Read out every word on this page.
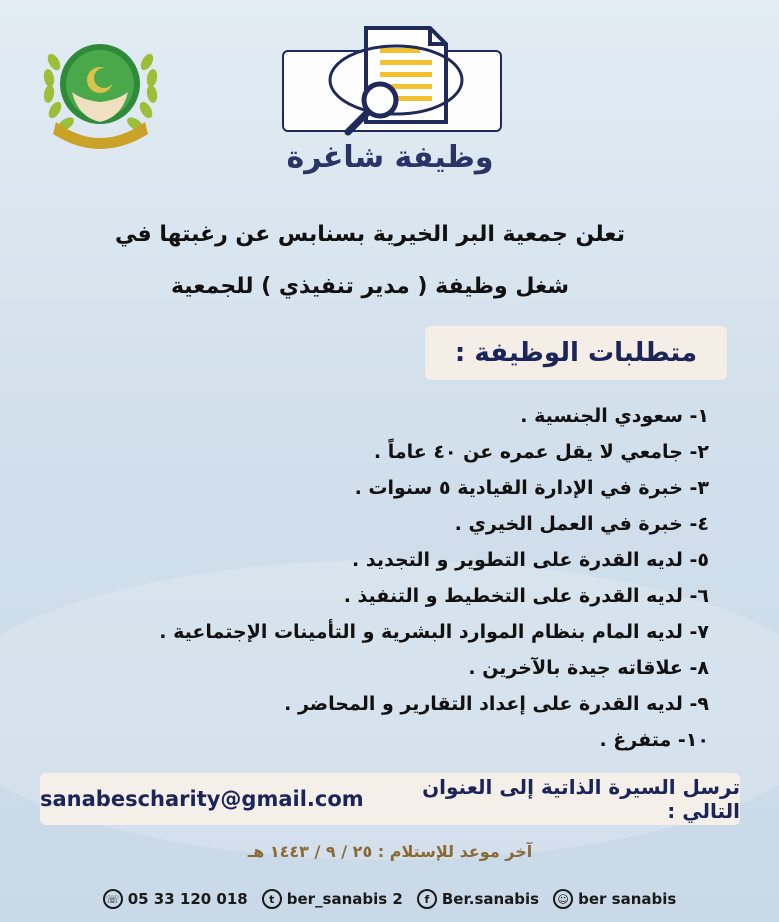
وظيفة شاغرة
تعلن جمعية البر الخيرية بسنابس عن رغبتها في
شغل وظيفة ( مدير تنفيذي ) للجمعية
متطلبات الوظيفة :
١- سعودي الجنسية .
٢- جامعي لا يقل عمره عن ٤٠ عاماً .
٣- خبرة في الإدارة القيادية ٥ سنوات .
٤- خبرة في العمل الخيري .
٥- لديه القدرة على التطوير و التجديد .
٦- لديه القدرة على التخطيط و التنفيذ .
٧- لديه المام بنظام الموارد البشرية و التأمينات الإجتماعية .
٨- علاقاته جيدة بالآخرين .
٩- لديه القدرة على إعداد التقارير و المحاضر .
١٠- متفرغ .
ترسل السيرة الذاتية إلى العنوان التالي :
sanabescharity@gmail.com
آخر موعد للإستلام : ٢٥ / ٩ / ١٤٤٣ هـ
☏ 05 33 120 018	t ber_sanabis 2	f Ber.sanabis	☺ ber sanabis
